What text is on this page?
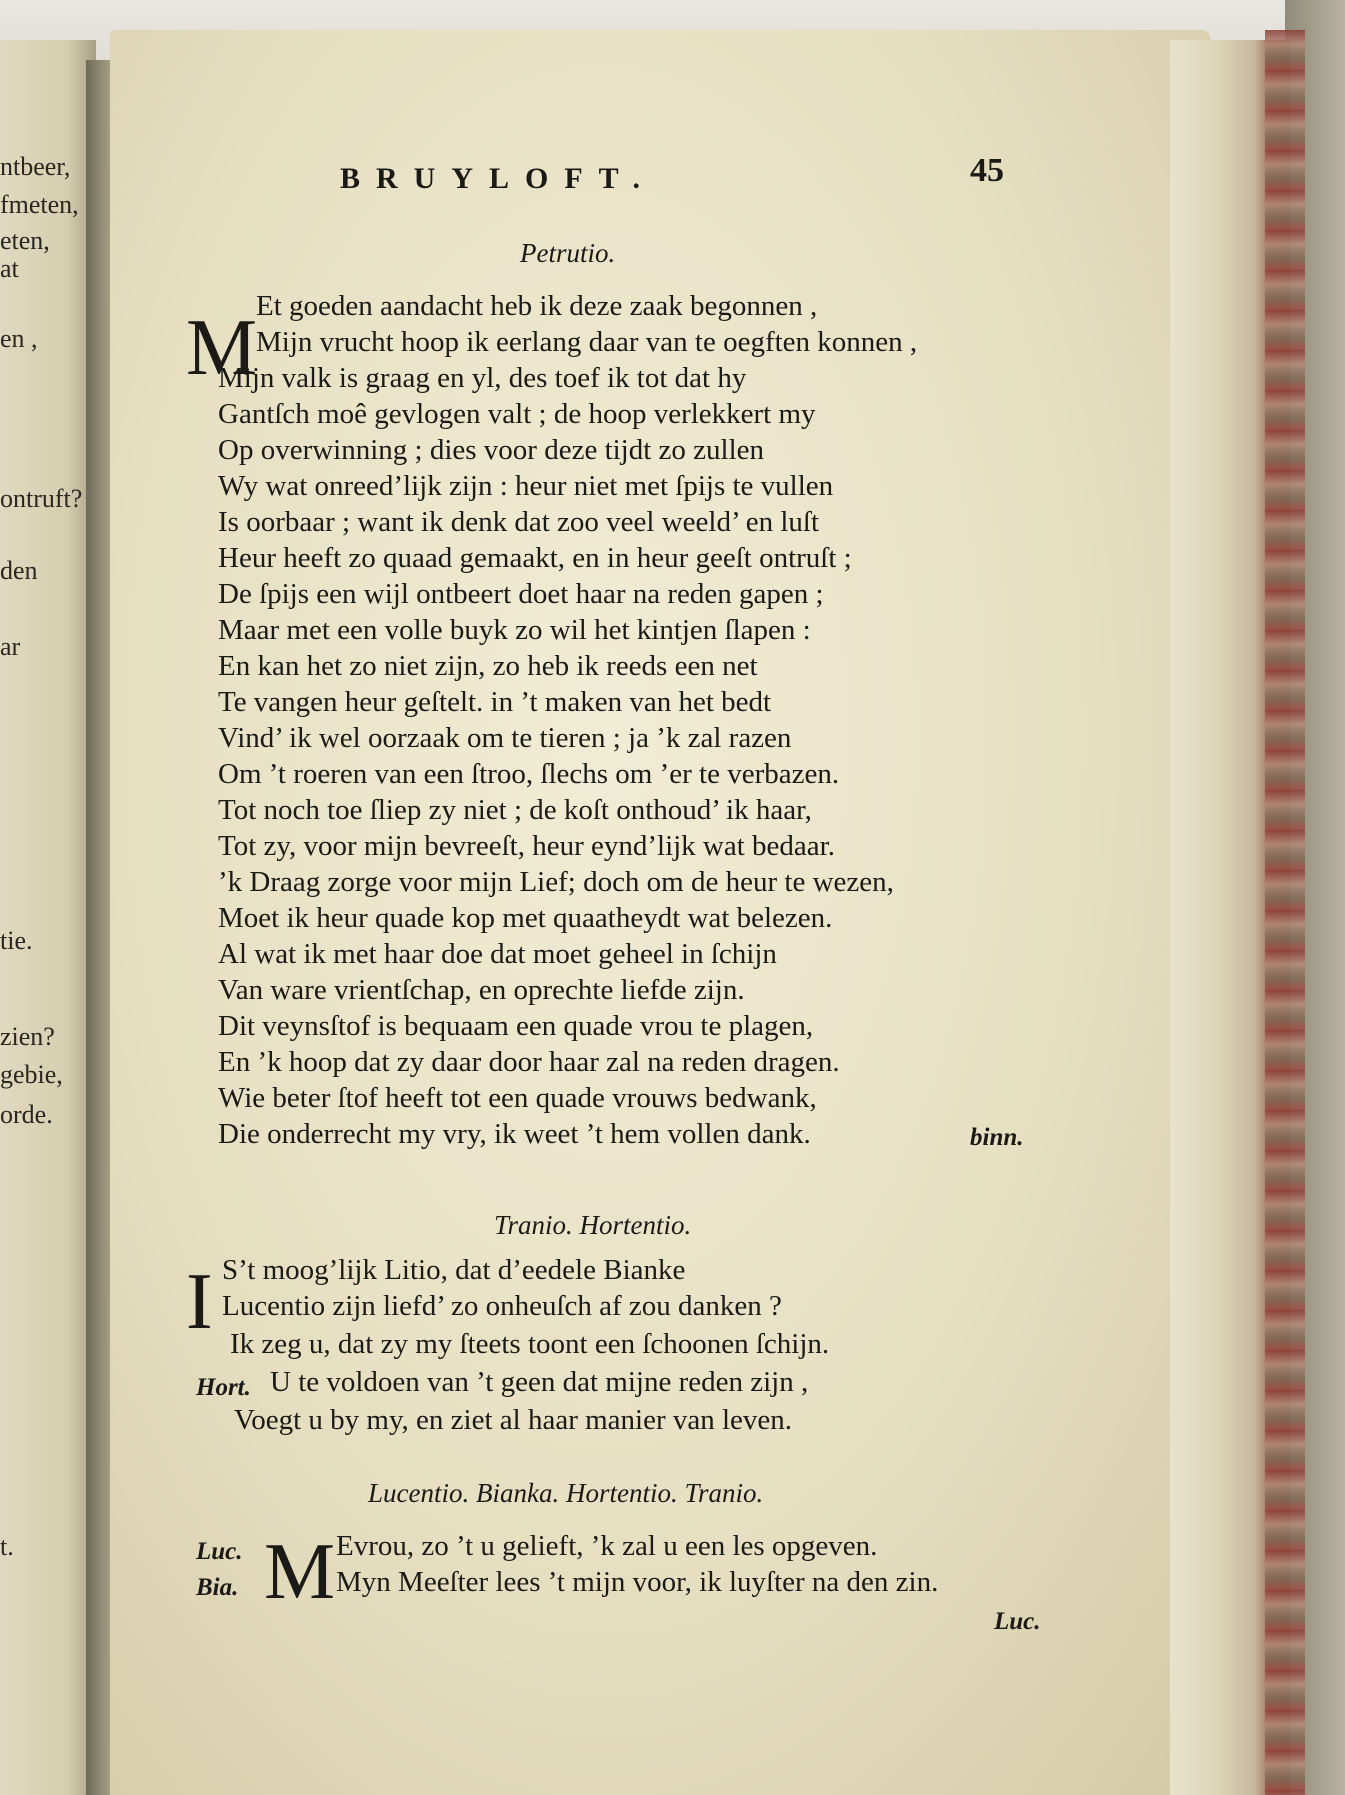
ntbeer,
fmeten,
eten,
at
en ,
ontruft?
den
ar
tie.
zien?
gebie,
orde.
t.
BRUYLOFT.	45
Petrutio.
M
Et goeden aandacht heb ik deze zaak begonnen ,
Mijn vrucht hoop ik eerlang daar van te oegften konnen ,
Mijn valk is graag en yl, des toef ik tot dat hy
Gantſch moê gevlogen valt ; de hoop verlekkert my
Op overwinning ; dies voor deze tijdt zo zullen
Wy wat onreed’lijk zijn : heur niet met ſpijs te vullen
Is oorbaar ; want ik denk dat zoo veel weeld’ en luſt
Heur heeft zo quaad gemaakt, en in heur geeſt ontruſt ;
De ſpijs een wijl ontbeert doet haar na reden gapen ;
Maar met een volle buyk zo wil het kintjen ſlapen :
En kan het zo niet zijn, zo heb ik reeds een net
Te vangen heur geſtelt. in ’t maken van het bedt
Vind’ ik wel oorzaak om te tieren ; ja ’k zal razen
Om ’t roeren van een ſtroo, ſlechs om ’er te verbazen.
Tot noch toe ſliep zy niet ; de koſt onthoud’ ik haar,
Tot zy, voor mijn bevreeſt, heur eynd’lijk wat bedaar.
’k Draag zorge voor mijn Lief; doch om de heur te wezen,
Moet ik heur quade kop met quaatheydt wat belezen.
Al wat ik met haar doe dat moet geheel in ſchijn
Van ware vrientſchap, en oprechte liefde zijn.
Dit veynsſtof is bequaam een quade vrou te plagen,
En ’k hoop dat zy daar door haar zal na reden dragen.
Wie beter ſtof heeft tot een quade vrouws bedwank,
Die onderrecht my vry, ik weet ’t hem vollen dank.	binn.
Tranio. Hortentio.
I S’t moog’lijk Litio, dat d’eedele Bianke
Lucentio zijn liefd’ zo onheuſch af zou danken ?
Ik zeg u, dat zy my ſteets toont een ſchoonen ſchijn.
Hort. U te voldoen van ’t geen dat mijne reden zijn ,
Voegt u by my, en ziet al haar manier van leven.
Lucentio. Bianka. Hortentio. Tranio.
Luc.
Bia. M Evrou, zo ’t u gelieft, ’k zal u een les opgeven.
Myn Meeſter lees ’t mijn voor, ik luyſter na den zin.
Luc.
